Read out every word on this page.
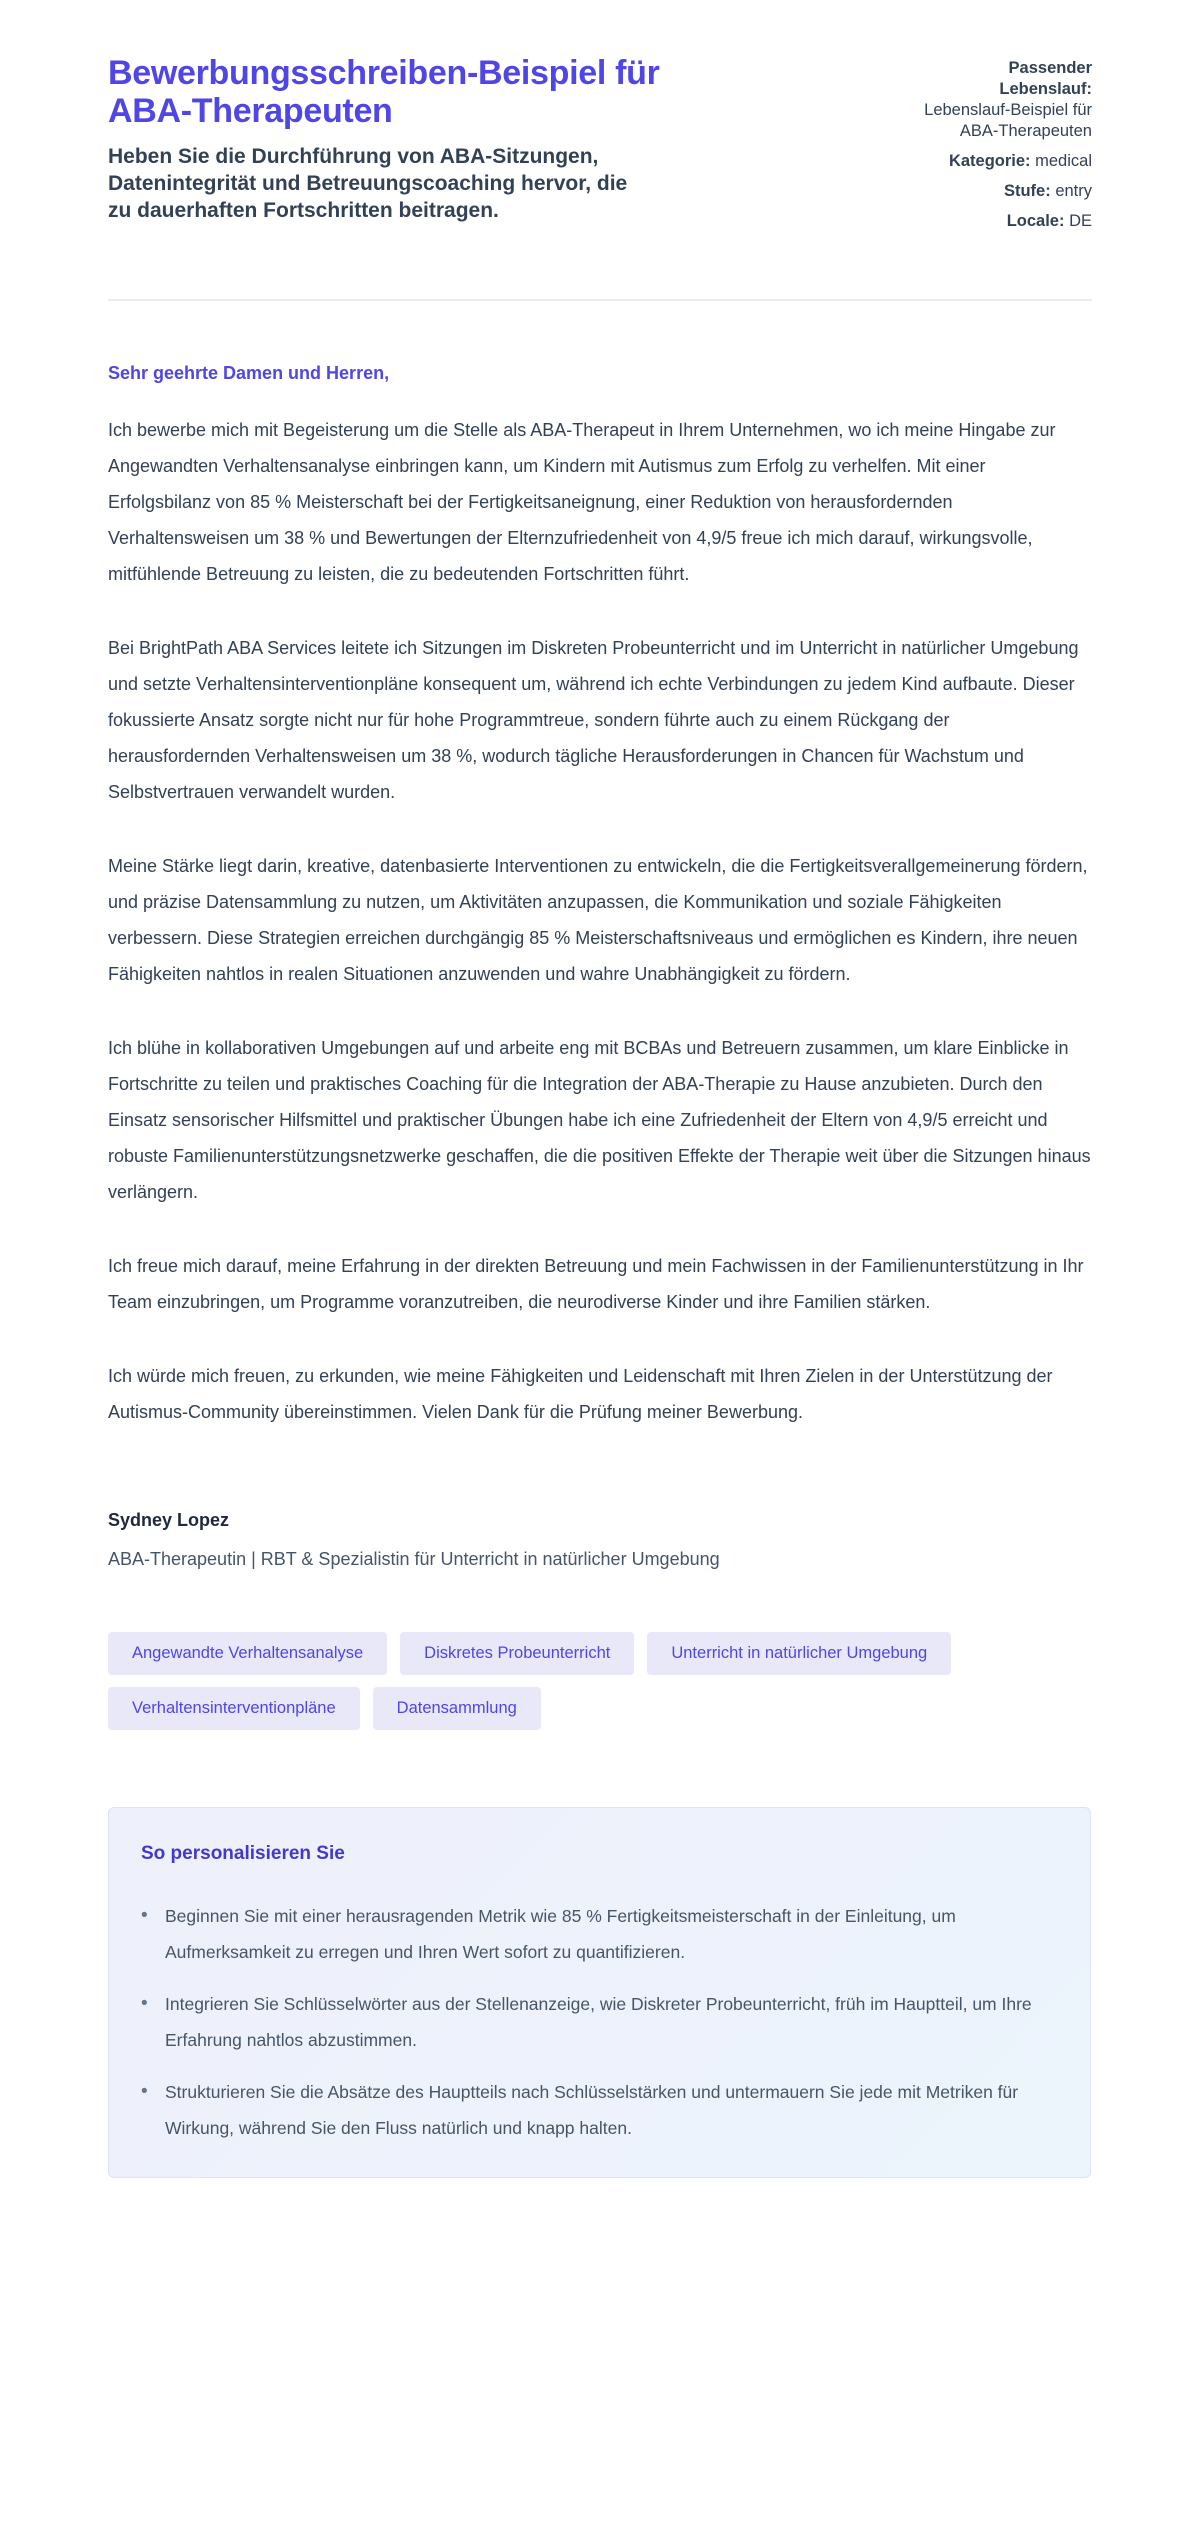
Bewerbungsschreiben-Beispiel für ABA-Therapeuten

Heben Sie die Durchführung von ABA-Sitzungen, Datenintegrität und Betreuungscoaching hervor, die zu dauerhaften Fortschritten beitragen.

Passender Lebenslauf:
Lebenslauf-Beispiel für ABA-Therapeuten
Kategorie: medical
Stufe: entry
Locale: DE

Sehr geehrte Damen und Herren,

Ich bewerbe mich mit Begeisterung um die Stelle als ABA-Therapeut in Ihrem Unternehmen, wo ich meine Hingabe zur Angewandten Verhaltensanalyse einbringen kann, um Kindern mit Autismus zum Erfolg zu verhelfen. Mit einer Erfolgsbilanz von 85 % Meisterschaft bei der Fertigkeitsaneignung, einer Reduktion von herausfordernden Verhaltensweisen um 38 % und Bewertungen der Elternzufriedenheit von 4,9/5 freue ich mich darauf, wirkungsvolle, mitfühlende Betreuung zu leisten, die zu bedeutenden Fortschritten führt.

Bei BrightPath ABA Services leitete ich Sitzungen im Diskreten Probeunterricht und im Unterricht in natürlicher Umgebung und setzte Verhaltensinterventionpläne konsequent um, während ich echte Verbindungen zu jedem Kind aufbaute. Dieser fokussierte Ansatz sorgte nicht nur für hohe Programmtreue, sondern führte auch zu einem Rückgang der herausfordernden Verhaltensweisen um 38 %, wodurch tägliche Herausforderungen in Chancen für Wachstum und Selbstvertrauen verwandelt wurden.

Meine Stärke liegt darin, kreative, datenbasierte Interventionen zu entwickeln, die die Fertigkeitsverallgemeinerung fördern, und präzise Datensammlung zu nutzen, um Aktivitäten anzupassen, die Kommunikation und soziale Fähigkeiten verbessern. Diese Strategien erreichen durchgängig 85 % Meisterschaftsniveaus und ermöglichen es Kindern, ihre neuen Fähigkeiten nahtlos in realen Situationen anzuwenden und wahre Unabhängigkeit zu fördern.

Ich blühe in kollaborativen Umgebungen auf und arbeite eng mit BCBAs und Betreuern zusammen, um klare Einblicke in Fortschritte zu teilen und praktisches Coaching für die Integration der ABA-Therapie zu Hause anzubieten. Durch den Einsatz sensorischer Hilfsmittel und praktischer Übungen habe ich eine Zufriedenheit der Eltern von 4,9/5 erreicht und robuste Familienunterstützungsnetzwerke geschaffen, die die positiven Effekte der Therapie weit über die Sitzungen hinaus verlängern.

Ich freue mich darauf, meine Erfahrung in der direkten Betreuung und mein Fachwissen in der Familienunterstützung in Ihr Team einzubringen, um Programme voranzutreiben, die neurodiverse Kinder und ihre Familien stärken.

Ich würde mich freuen, zu erkunden, wie meine Fähigkeiten und Leidenschaft mit Ihren Zielen in der Unterstützung der Autismus-Community übereinstimmen. Vielen Dank für die Prüfung meiner Bewerbung.

Sydney Lopez

ABA-Therapeutin | RBT & Spezialistin für Unterricht in natürlicher Umgebung

Angewandte Verhaltensanalyse	Diskretes Probeunterricht	Unterricht in natürlicher Umgebung
Verhaltensinterventionpläne	Datensammlung
So personalisieren Sie
• Beginnen Sie mit einer herausragenden Metrik wie 85 % Fertigkeitsmeisterschaft in der Einleitung, um Aufmerksamkeit zu erregen und Ihren Wert sofort zu quantifizieren.
• Integrieren Sie Schlüsselwörter aus der Stellenanzeige, wie Diskreter Probeunterricht, früh im Hauptteil, um Ihre Erfahrung nahtlos abzustimmen.
• Strukturieren Sie die Absätze des Hauptteils nach Schlüsselstärken und untermauern Sie jede mit Metriken für Wirkung, während Sie den Fluss natürlich und knapp halten.
